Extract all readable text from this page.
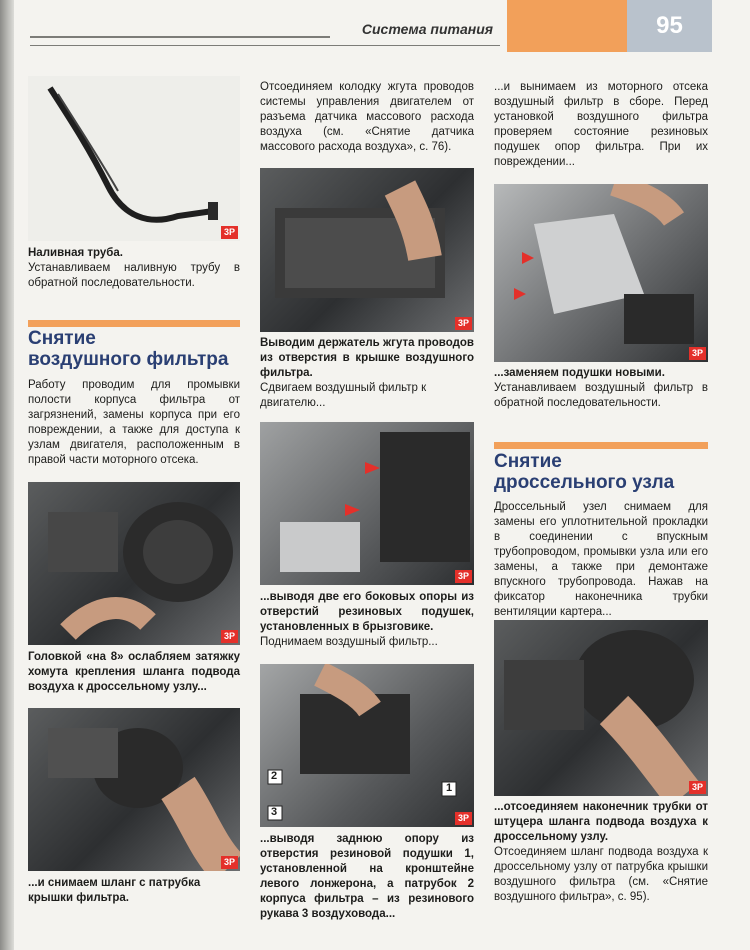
Система питания	95
3Р

Наливная труба.

Устанавливаем наливную трубу в обратной последовательности.

Снятие
воздушного фильтра
Работу проводим для промывки полости корпуса фильтра от загрязнений, замены корпуса при его повреждении, а также для доступа к узлам двигателя, расположенным в правой части моторного отсека.
3Р
Головкой «на 8» ослабляем затяжку хомута крепления шланга подвода воздуха к дроссельному узлу...
3Р
...и снимаем шланг с патрубка крышки фильтра.
Отсоединяем колодку жгута проводов системы управления двигателем от разъема датчика массового расхода воздуха (см. «Снятие датчика массового расхода воздуха», с. 76).
3Р

Выводим держатель жгута проводов из отверстия в крышке воздушного фильтра.

Сдвигаем воздушный фильтр к двигателю...

3Р

...выводя две его боковых опоры из отверстий резиновых подушек, установленных в брызговике.

Поднимаем воздушный фильтр...

2
3
1
3Р
...выводя заднюю опору из отверстия резиновой подушки 1, установленной на кронштейне левого лонжерона, а патрубок 2 корпуса фильтра – из резинового рукава 3 воздуховода...
...и вынимаем из моторного отсека воздушный фильтр в сборе. Перед установкой воздушного фильтра проверяем состояние резиновых подушек опор фильтра. При их повреждении...
3Р

...заменяем подушки новыми.

Устанавливаем воздушный фильтр в обратной последовательности.

Снятие
дроссельного узла
Дроссельный узел снимаем для замены его уплотнительной прокладки в соединении с впускным трубопроводом, промывки узла или его замены, а также при демонтаже впускного трубопровода. Нажав на фиксатор наконечника трубки вентиляции картера...
3Р

...отсоединяем наконечник трубки от штуцера шланга подвода воздуха к дроссельному узлу.

Отсоединяем шланг подвода воздуха к дроссельному узлу от патрубка крышки воздушного фильтра (см. «Снятие воздушного фильтра», с. 95).
